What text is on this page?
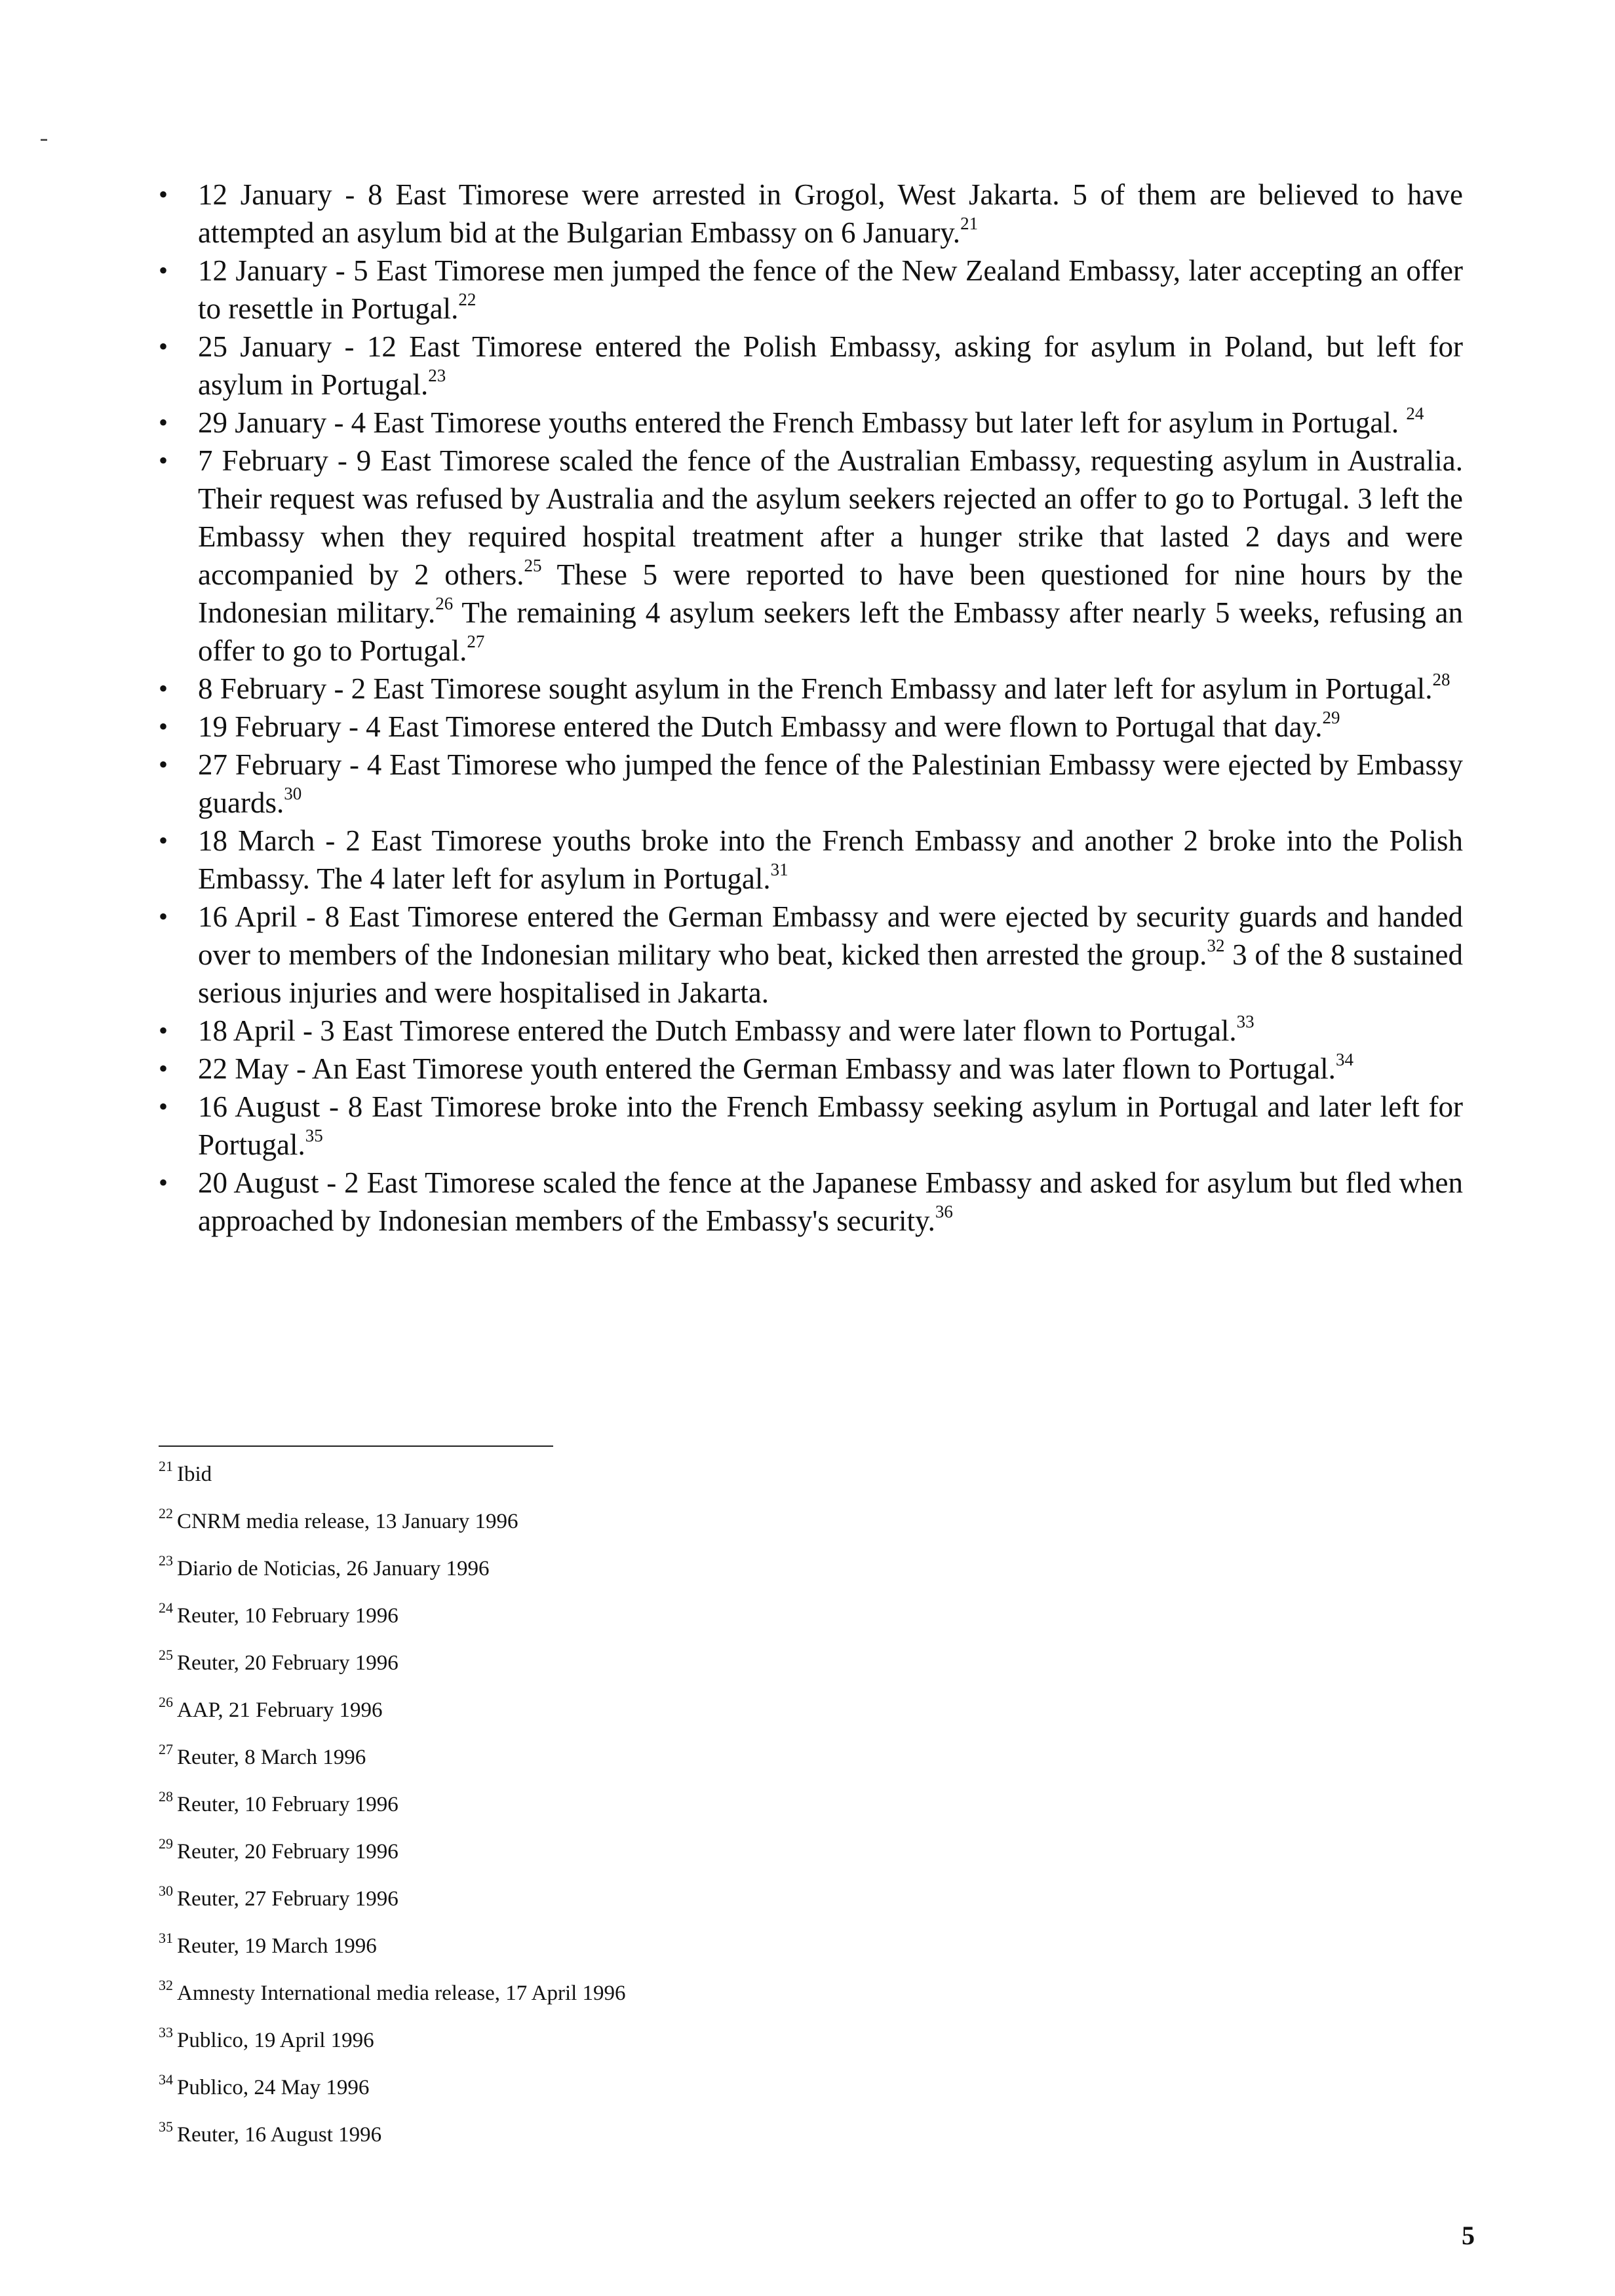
• 12 January - 8 East Timorese were arrested in Grogol, West Jakarta. 5 of them are believed to have attempted an asylum bid at the Bulgarian Embassy on 6 January.$^{21}$
• 12 January - 5 East Timorese men jumped the fence of the New Zealand Embassy, later accepting an offer to resettle in Portugal.$^{22}$
• 25 January - 12 East Timorese entered the Polish Embassy, asking for asylum in Poland, but left for asylum in Portugal.$^{23}$
• 29 January - 4 East Timorese youths entered the French Embassy but later left for asylum in Portugal. $^{24}$
• 7 February - 9 East Timorese scaled the fence of the Australian Embassy, requesting asylum in Australia. Their request was refused by Australia and the asylum seekers rejected an offer to go to Portugal. 3 left the Embassy when they required hospital treatment after a hunger strike that lasted 2 days and were accompanied by 2 others.$^{25}$ These 5 were reported to have been questioned for nine hours by the Indonesian military.$^{26}$ The remaining 4 asylum seekers left the Embassy after nearly 5 weeks, refusing an offer to go to Portugal.$^{27}$
• 8 February - 2 East Timorese sought asylum in the French Embassy and later left for asylum in Portugal.$^{28}$
• 19 February - 4 East Timorese entered the Dutch Embassy and were flown to Portugal that day.$^{29}$
• 27 February - 4 East Timorese who jumped the fence of the Palestinian Embassy were ejected by Embassy guards.$^{30}$
• 18 March - 2 East Timorese youths broke into the French Embassy and another 2 broke into the Polish Embassy. The 4 later left for asylum in Portugal.$^{31}$
• 16 April - 8 East Timorese entered the German Embassy and were ejected by security guards and handed over to members of the Indonesian military who beat, kicked then arrested the group.$^{32}$ 3 of the 8 sustained serious injuries and were hospitalised in Jakarta.
• 18 April - 3 East Timorese entered the Dutch Embassy and were later flown to Portugal.$^{33}$
• 22 May - An East Timorese youth entered the German Embassy and was later flown to Portugal.$^{34}$
• 16 August - 8 East Timorese broke into the French Embassy seeking asylum in Portugal and later left for Portugal.$^{35}$
• 20 August - 2 East Timorese scaled the fence at the Japanese Embassy and asked for asylum but fled when approached by Indonesian members of the Embassy's security.$^{36}$
$^{21}$ Ibid
$^{22}$ CNRM media release, 13 January 1996
$^{23}$ Diario de Noticias, 26 January 1996
$^{24}$ Reuter, 10 February 1996
$^{25}$ Reuter, 20 February 1996
$^{26}$ AAP, 21 February 1996
$^{27}$ Reuter, 8 March 1996
$^{28}$ Reuter, 10 February 1996
$^{29}$ Reuter, 20 February 1996
$^{30}$ Reuter, 27 February 1996
$^{31}$ Reuter, 19 March 1996
$^{32}$ Amnesty International media release, 17 April 1996
$^{33}$ Publico, 19 April 1996
$^{34}$ Publico, 24 May 1996
$^{35}$ Reuter, 16 August 1996
5
